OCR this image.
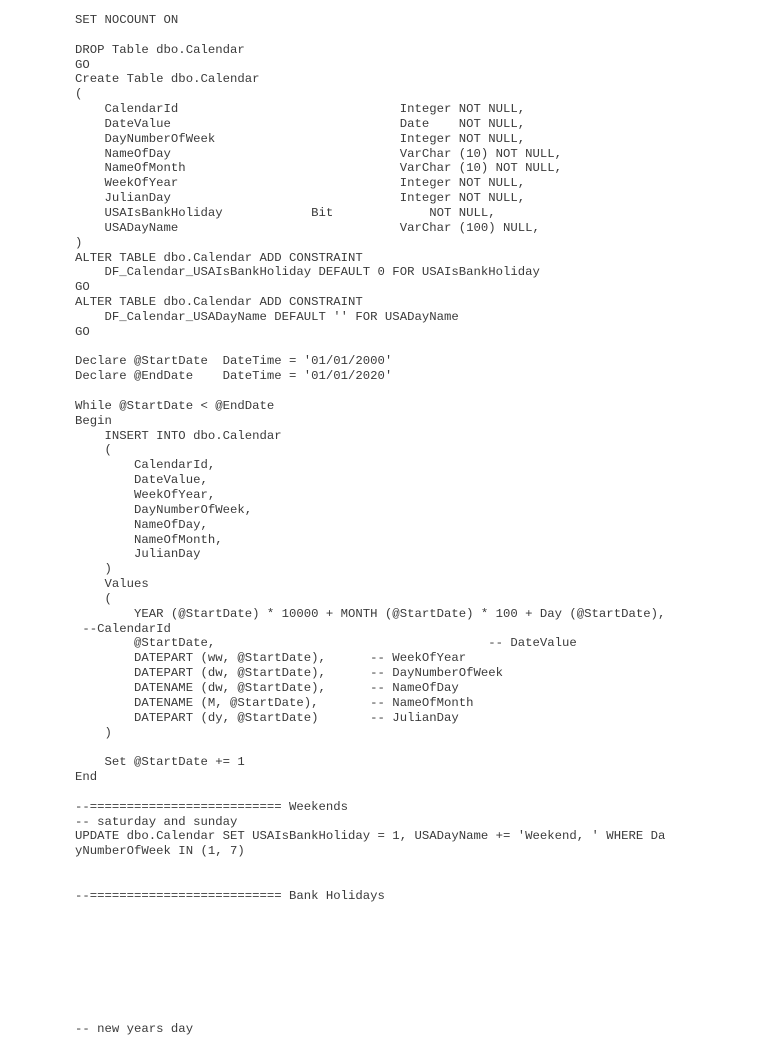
SET NOCOUNT ON
DROP Table dbo.Calendar
GO
Create Table dbo.Calendar
(
CalendarId                              Integer NOT NULL,
DateValue                               Date    NOT NULL,
DayNumberOfWeek                         Integer NOT NULL,
NameOfDay                               VarChar (10) NOT NULL,
NameOfMonth                             VarChar (10) NOT NULL,
WeekOfYear                              Integer NOT NULL,
JulianDay                               Integer NOT NULL,
USAIsBankHoliday            Bit             NOT NULL,
USADayName                              VarChar (100) NULL,
)
ALTER TABLE dbo.Calendar ADD CONSTRAINT
DF_Calendar_USAIsBankHoliday DEFAULT 0 FOR USAIsBankHoliday
GO
ALTER TABLE dbo.Calendar ADD CONSTRAINT
DF_Calendar_USADayName DEFAULT '' FOR USADayName
GO
Declare @StartDate  DateTime = '01/01/2000'
Declare @EndDate    DateTime = '01/01/2020'
While @StartDate < @EndDate
Begin
INSERT INTO dbo.Calendar
(
CalendarId,
DateValue,
WeekOfYear,
DayNumberOfWeek,
NameOfDay,
NameOfMonth,
JulianDay
)
Values
(
YEAR (@StartDate) * 10000 + MONTH (@StartDate) * 100 + Day (@StartDate),
--CalendarId
@StartDate,                                     -- DateValue
DATEPART (ww, @StartDate),      -- WeekOfYear
DATEPART (dw, @StartDate),      -- DayNumberOfWeek
DATENAME (dw, @StartDate),      -- NameOfDay
DATENAME (M, @StartDate),       -- NameOfMonth
DATEPART (dy, @StartDate)       -- JulianDay
)
Set @StartDate += 1
End
--========================== Weekends
-- saturday and sunday
UPDATE dbo.Calendar SET USAIsBankHoliday = 1, USADayName += 'Weekend, ' WHERE Da
yNumberOfWeek IN (1, 7)
--========================== Bank Holidays
-- new years day
